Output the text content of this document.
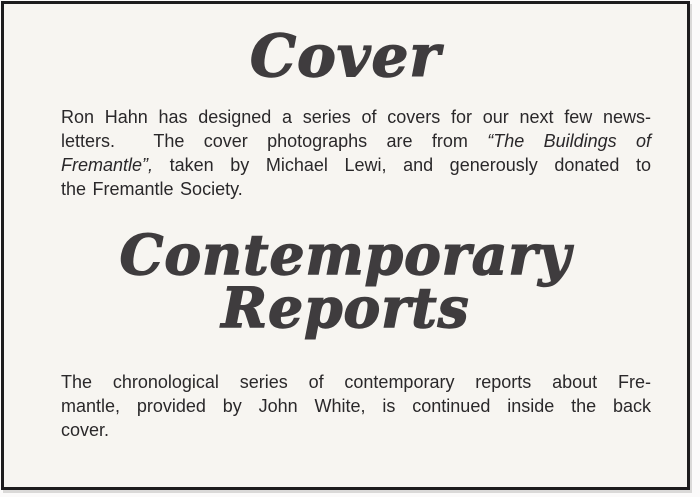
Cover
Ron Hahn has designed a series of covers for our next few news-
letters.  The cover photographs are from “The Buildings of
Fremantle”, taken by Michael Lewi, and generously donated to
the Fremantle Society.
Contemporary
Reports
The chronological series of contemporary reports about Fre-
mantle, provided by John White, is continued inside the back
cover.
